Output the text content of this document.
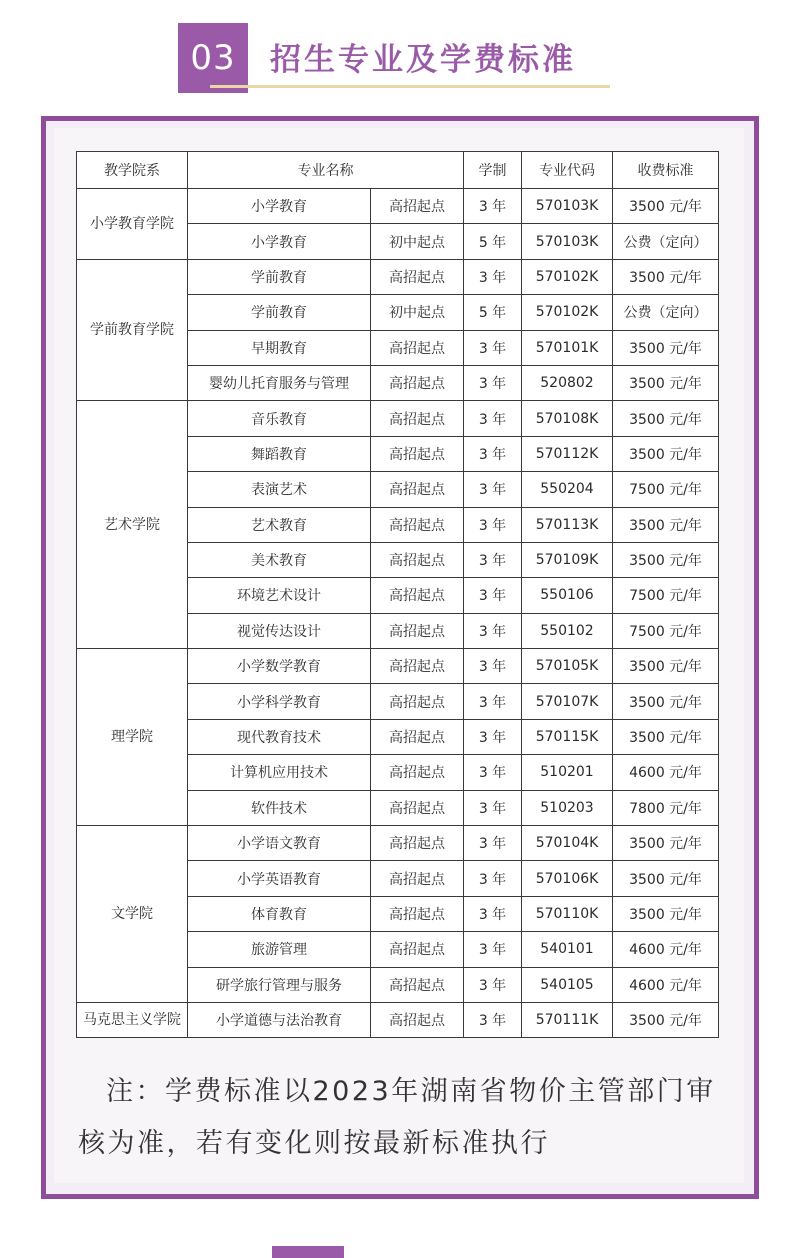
03 招生专业及学费标准
教学院系	专业名称		学制	专业代码	收费标准
小学教育学院	小学教育	高招起点	3 年	570103K	3500 元/年
	小学教育	初中起点	5 年	570103K	公费（定向）
学前教育学院	学前教育	高招起点	3 年	570102K	3500 元/年
	学前教育	初中起点	5 年	570102K	公费（定向）
	早期教育	高招起点	3 年	570101K	3500 元/年
	婴幼儿托育服务与管理	高招起点	3 年	520802	3500 元/年
艺术学院	音乐教育	高招起点	3 年	570108K	3500 元/年
	舞蹈教育	高招起点	3 年	570112K	3500 元/年
	表演艺术	高招起点	3 年	550204	7500 元/年
	艺术教育	高招起点	3 年	570113K	3500 元/年
	美术教育	高招起点	3 年	570109K	3500 元/年
	环境艺术设计	高招起点	3 年	550106	7500 元/年
	视觉传达设计	高招起点	3 年	550102	7500 元/年
理学院	小学数学教育	高招起点	3 年	570105K	3500 元/年
	小学科学教育	高招起点	3 年	570107K	3500 元/年
	现代教育技术	高招起点	3 年	570115K	3500 元/年
	计算机应用技术	高招起点	3 年	510201	4600 元/年
	软件技术	高招起点	3 年	510203	7800 元/年
文学院	小学语文教育	高招起点	3 年	570104K	3500 元/年
	小学英语教育	高招起点	3 年	570106K	3500 元/年
	体育教育	高招起点	3 年	570110K	3500 元/年
	旅游管理	高招起点	3 年	540101	4600 元/年
	研学旅行管理与服务	高招起点	3 年	540105	4600 元/年
马克思主义学院	小学道德与法治教育	高招起点	3 年	570111K	3500 元/年
注：学费标准以2023年湖南省物价主管部门审核为准，若有变化则按最新标准执行
